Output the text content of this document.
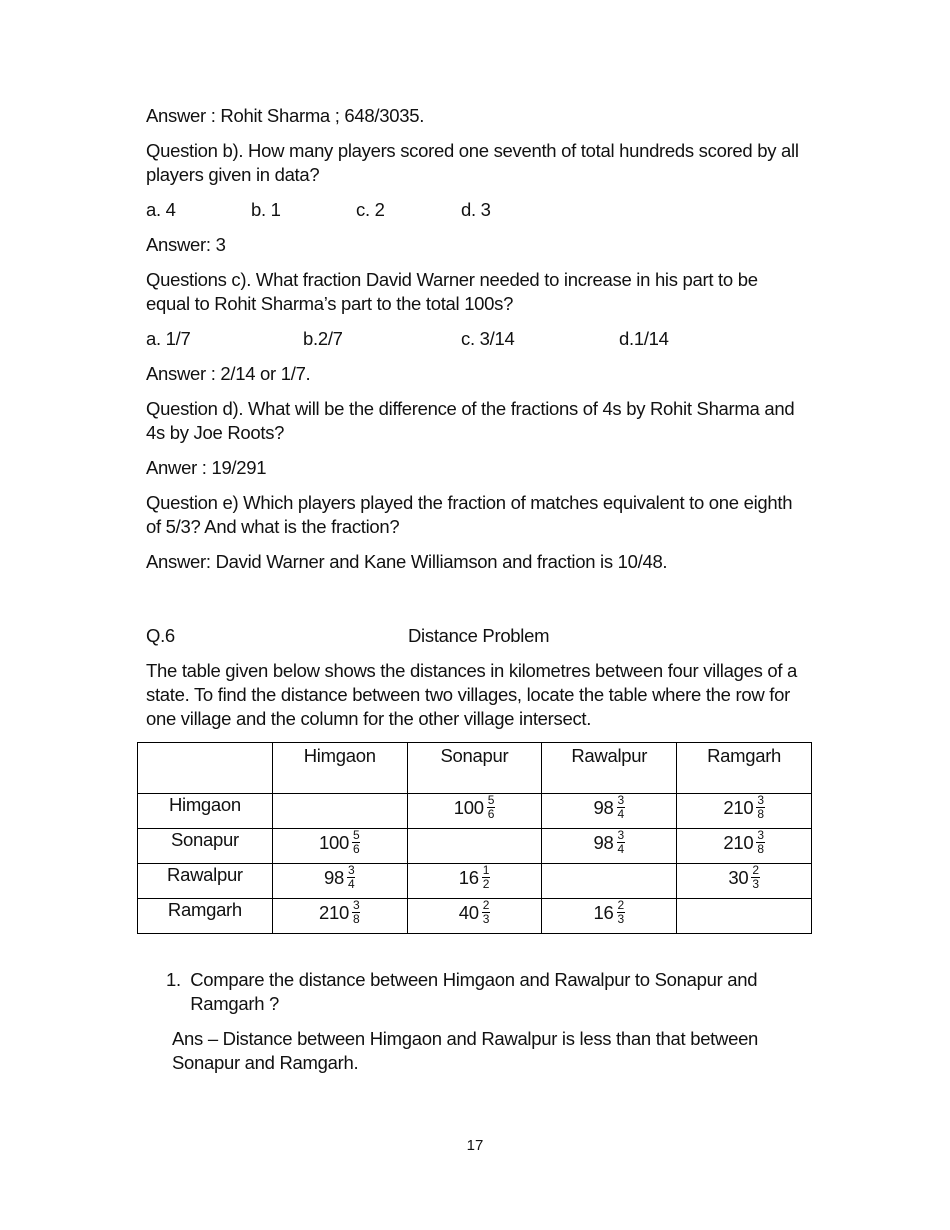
Answer : Rohit Sharma ; 648/3035.

Question b). How many players scored one seventh of total hundreds scored by all players given in data?

a. 4	b. 1	c. 2	d. 3

Answer: 3

Questions c). What fraction David Warner needed to increase in his part to be equal to Rohit Sharma’s part to the total 100s?

a. 1/7	b.2/7	c. 3/14	d.1/14

Answer : 2/14 or 1/7.

Question d). What will be the difference of the fractions of 4s by Rohit Sharma and 4s by Joe Roots?

Anwer : 19/291

Question e) Which players played the fraction of matches equivalent to one eighth of 5/3? And what is the fraction?

Answer: David Warner and Kane Williamson and fraction is 10/48.

Q.6	Distance Problem

The table given below shows the distances in kilometres between four villages of a state. To find the distance between two villages, locate the table where the row for one village and the column for the other village intersect.

	Himgaon	Sonapur	Rawalpur	Ramgarh
Himgaon		$100 \frac{5}{6}$	$98 \frac{3}{4}$	$210 \frac{3}{8}$

Sonapur	$100 \frac{5}{6}$		$98 \frac{3}{4}$	$210 \frac{3}{8}$

Rawalpur	$98 \frac{3}{4}$	$16 \frac{1}{2}$		$30 \frac{2}{3}$

Ramgarh	$210 \frac{3}{8}$	$40 \frac{2}{3}$	$16 \frac{2}{3}$

1. Compare the distance between Himgaon and Rawalpur to Sonapur and Ramgarh ?

Ans – Distance between Himgaon and Rawalpur is less than that between Sonapur and Ramgarh.

17
